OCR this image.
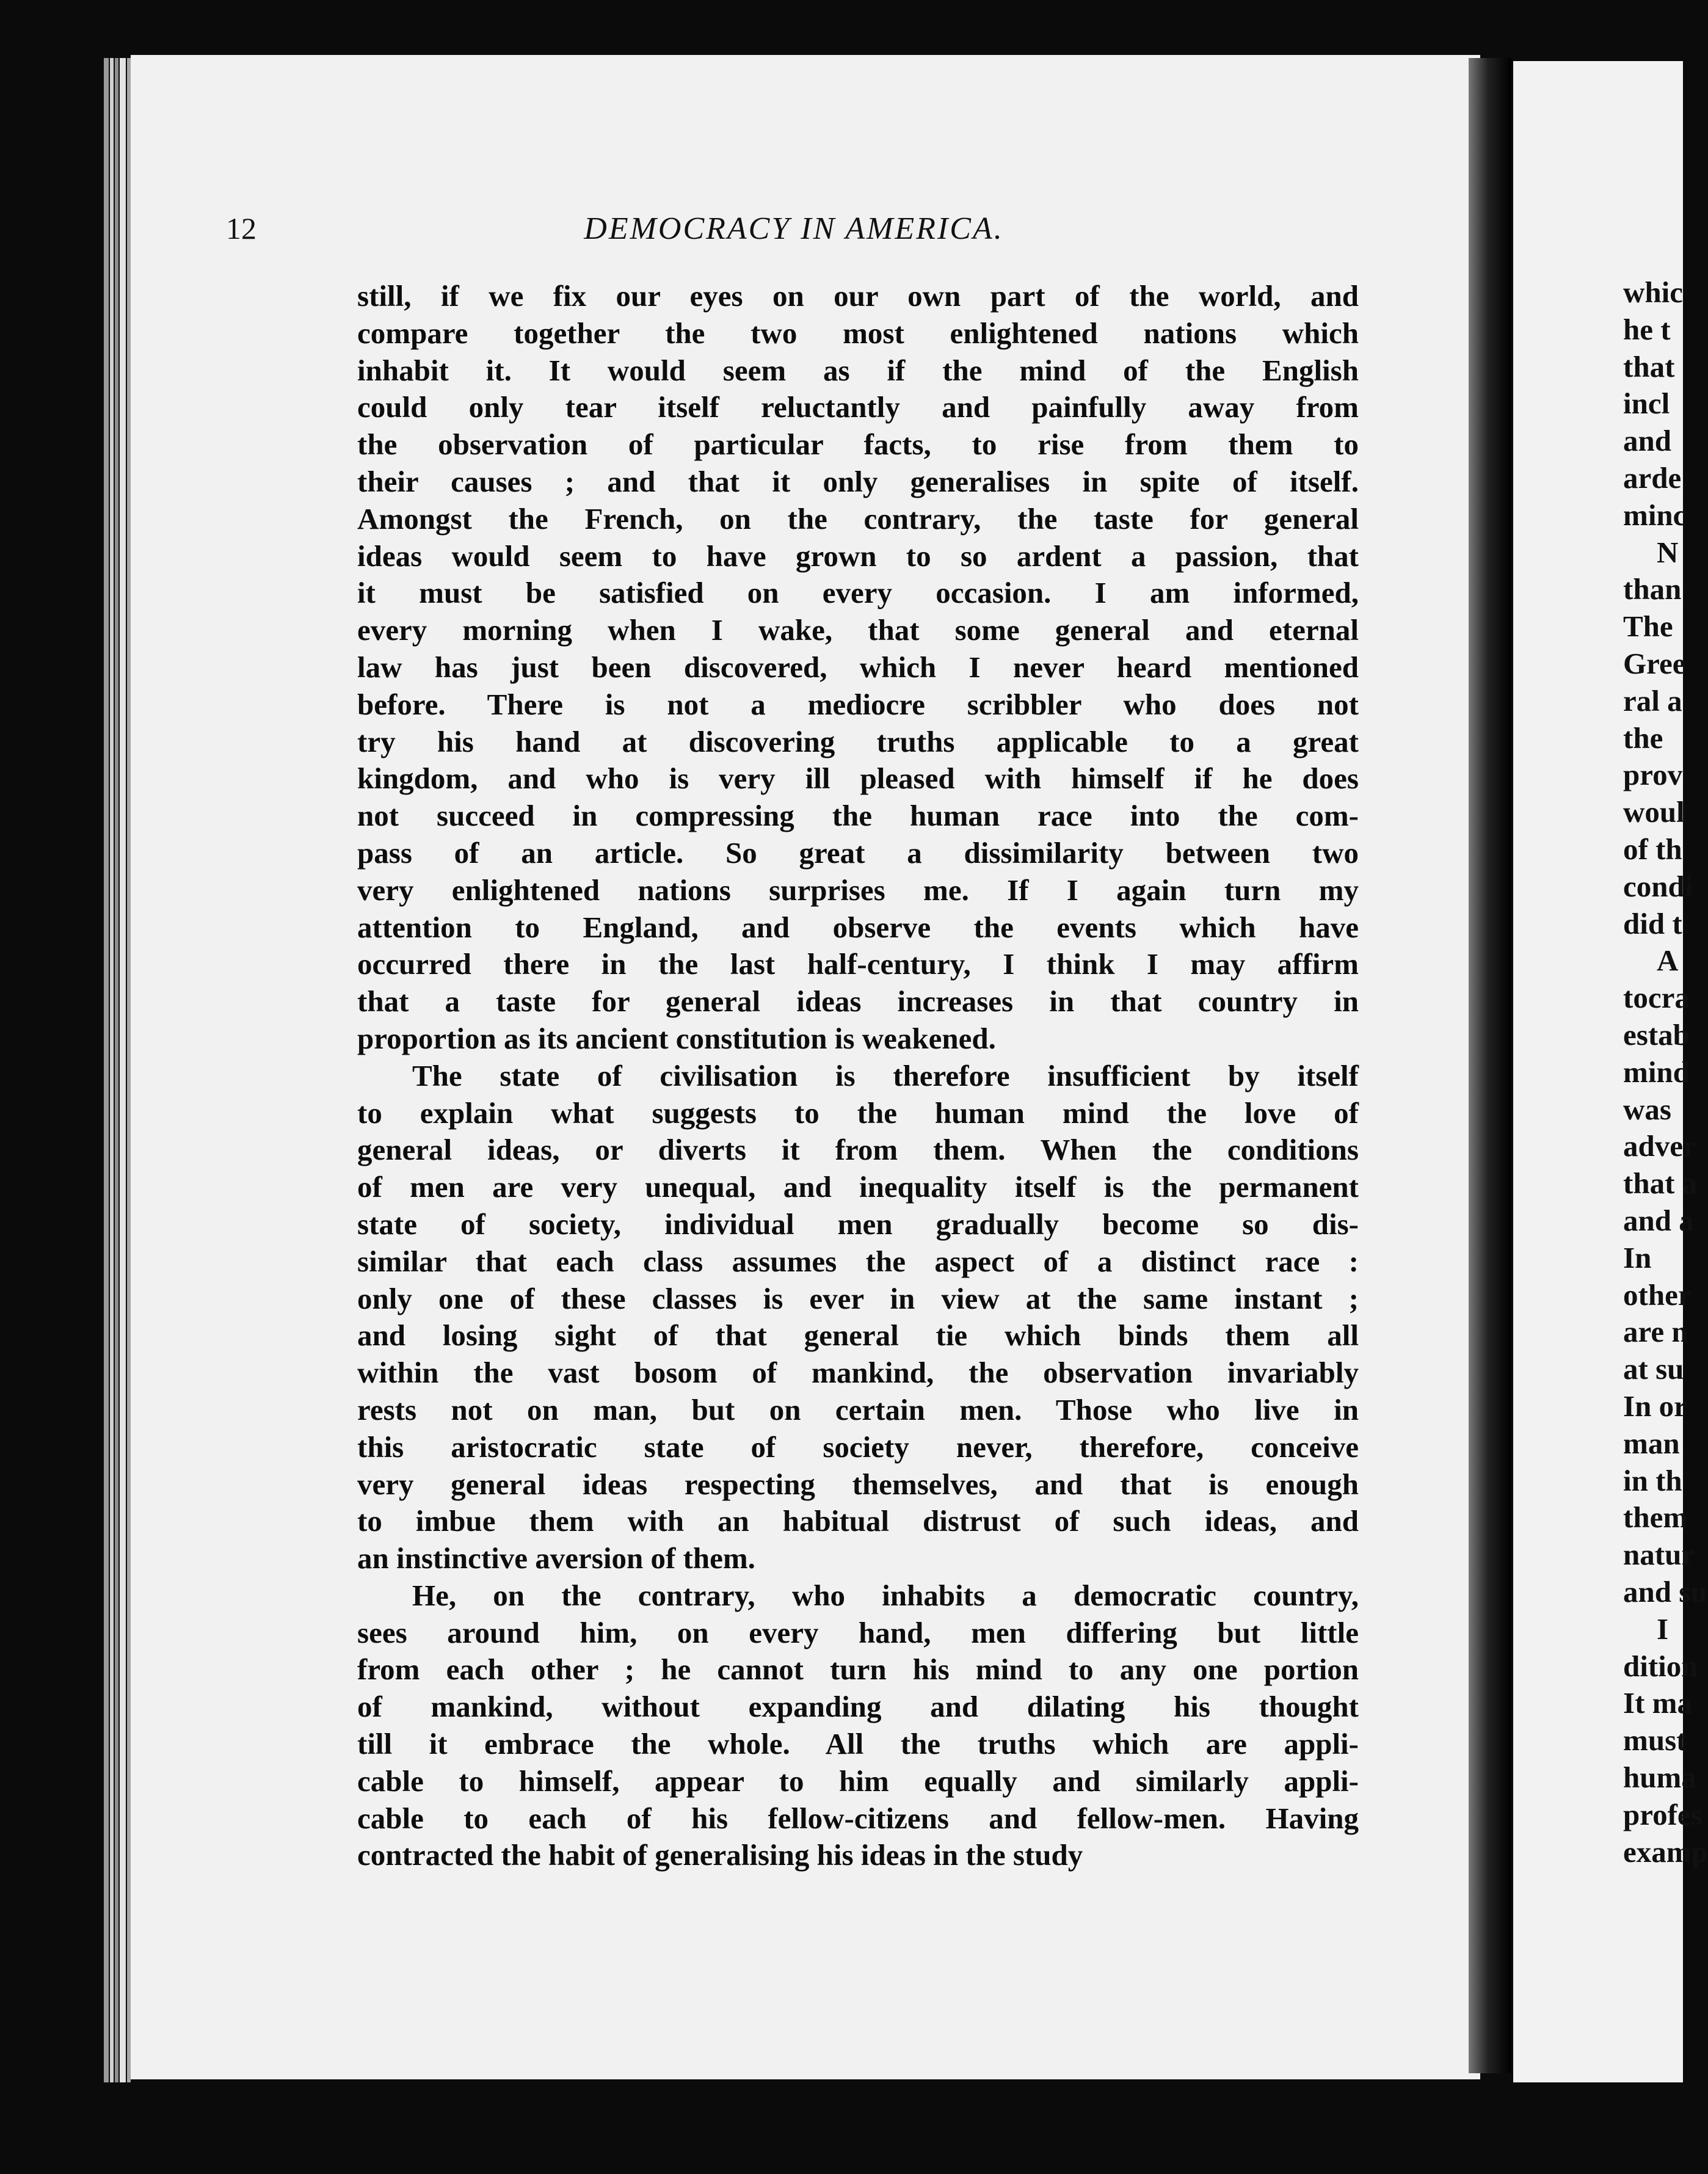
12	DEMOCRACY IN AMERICA.

still, if we fix our eyes on our own part of the world, and
compare together the two most enlightened nations which
inhabit it. It would seem as if the mind of the English
could only tear itself reluctantly and painfully away from
the observation of particular facts, to rise from them to
their causes ; and that it only generalises in spite of itself.
Amongst the French, on the contrary, the taste for general
ideas would seem to have grown to so ardent a passion, that
it must be satisfied on every occasion. I am informed,
every morning when I wake, that some general and eternal
law has just been discovered, which I never heard mentioned
before. There is not a mediocre scribbler who does not
try his hand at discovering truths applicable to a great
kingdom, and who is very ill pleased with himself if he does
not succeed in compressing the human race into the com-
pass of an article. So great a dissimilarity between two
very enlightened nations surprises me. If I again turn my
attention to England, and observe the events which have
occurred there in the last half-century, I think I may affirm
that a taste for general ideas increases in that country in
proportion as its ancient constitution is weakened.

The state of civilisation is therefore insufficient by itself
to explain what suggests to the human mind the love of
general ideas, or diverts it from them. When the conditions
of men are very unequal, and inequality itself is the permanent
state of society, individual men gradually become so dis-
similar that each class assumes the aspect of a distinct race :
only one of these classes is ever in view at the same instant ;
and losing sight of that general tie which binds them all
within the vast bosom of mankind, the observation invariably
rests not on man, but on certain men. Those who live in
this aristocratic state of society never, therefore, conceive
very general ideas respecting themselves, and that is enough
to imbue them with an habitual distrust of such ideas, and
an instinctive aversion of them.

He, on the contrary, who inhabits a democratic country,
sees around him, on every hand, men differing but little
from each other ; he cannot turn his mind to any one portion
of mankind, without expanding and dilating his thought
till it embrace the whole. All the truths which are appli-
cable to himself, appear to him equally and similarly appli-
cable to each of his fellow-citizens and fellow-men. Having
contracted the habit of generalising his ideas in the study

whic
he t
that
incl
and
arde
minc
N
than
The
Gree
ral a
the
prov
woul
of th
condi
did t
A
tocra
estab
mind
was
adver
that a
and a
In
other
are n
at su
In or
man
in th
them
natur
and su
I
dition
It ma
must
huma
profes
examp
